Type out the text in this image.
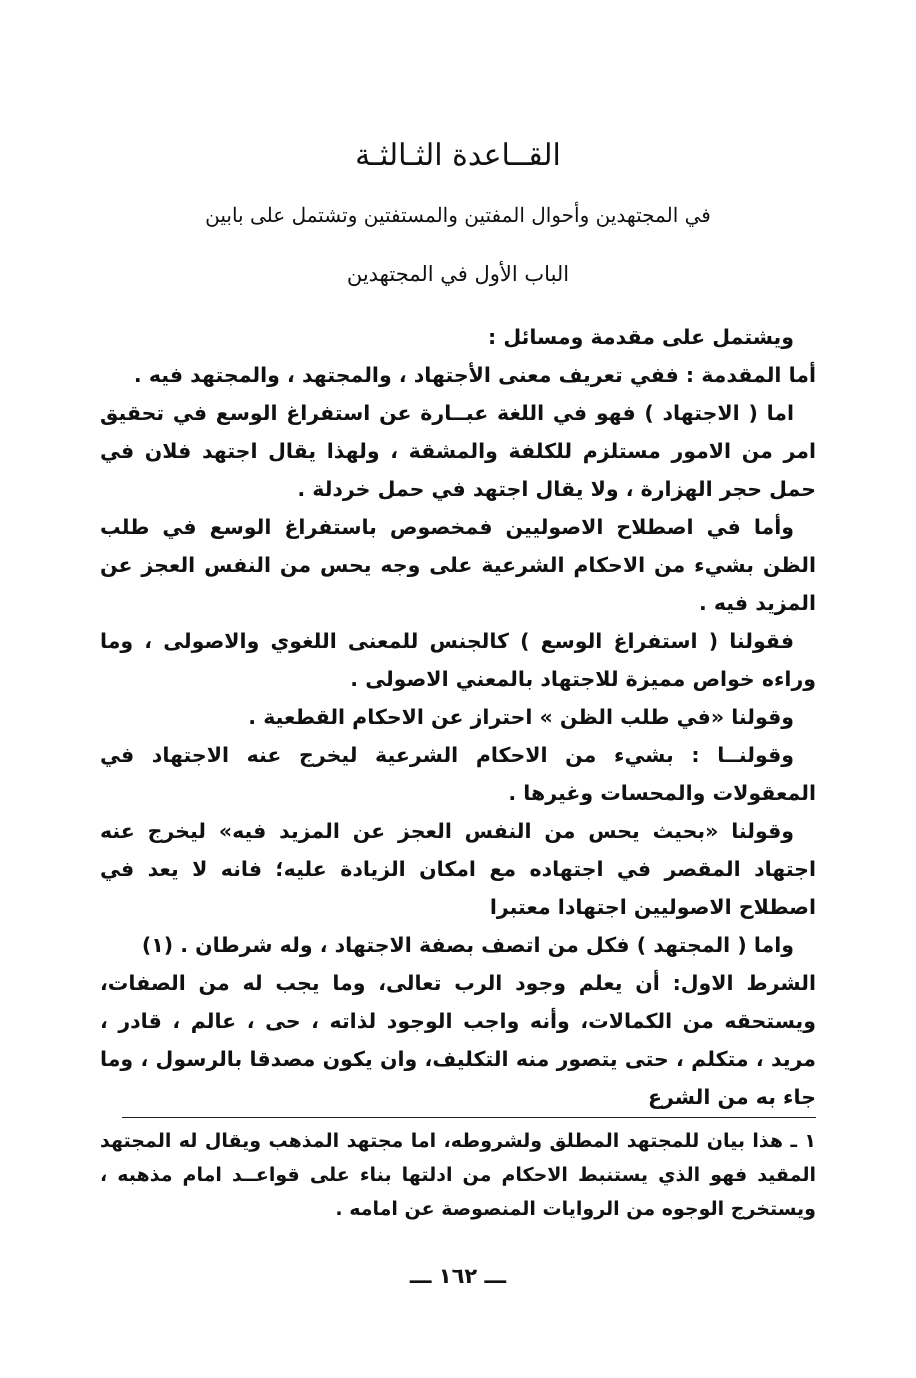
القــاعدة الثـالثـة
في المجتهدين وأحوال المفتين والمستفتين وتشتمل على بابين
الباب الأول في المجتهدين

ويشتمل على مقدمة ومسائل :

أما المقدمة : ففي تعريف معنى الأجتهاد ، والمجتهد ، والمجتهد فيه .

اما ( الاجتهاد ) فهو في اللغة عبــارة عن استفراغ الوسع في تحقيق امر من الامور مستلزم للكلفة والمشقة ، ولهذا يقال اجتهد فلان في حمل حجر الهزارة ، ولا يقال اجتهد في حمل خردلة .

وأما في اصطلاح الاصوليين فمخصوص باستفراغ الوسع في طلب الظن بشيء من الاحكام الشرعية على وجه يحس من النفس العجز عن المزيد فيه .

فقولنا ( استفراغ الوسع ) كالجنس للمعنى اللغوي والاصولى ، وما وراءه خواص مميزة للاجتهاد بالمعني الاصولى .

وقولنا «في طلب الظن » احتراز عن الاحكام القطعية .

وقولنــا : بشيء من الاحكام الشرعية ليخرج عنه الاجتهاد في المعقولات والمحسات وغيرها .

وقولنا «بحيث يحس من النفس العجز عن المزيد فيه» ليخرج عنه اجتهاد المقصر في اجتهاده مع امكان الزيادة عليه؛ فانه لا يعد في اصطلاح الاصوليين اجتهادا معتبرا

واما ( المجتهد ) فكل من اتصف بصفة الاجتهاد ، وله شرطان . (١)

الشرط الاول: أن يعلم وجود الرب تعالى، وما يجب له من الصفات، ويستحقه من الكمالات، وأنه واجب الوجود لذاته ، حى ، عالم ، قادر ، مريد ، متكلم ، حتى يتصور منه التكليف، وان يكون مصدقا بالرسول ، وما جاء به من الشرع

١ ـ هذا بيان للمجتهد المطلق ولشروطه، اما مجتهد المذهب ويقال له المجتهد المقيد فهو الذي يستنبط الاحكام من ادلتها بناء على قواعــد امام مذهبه ، ويستخرج الوجوه من الروايات المنصوصة عن امامه .

ـــ ١٦٢ ـــ
